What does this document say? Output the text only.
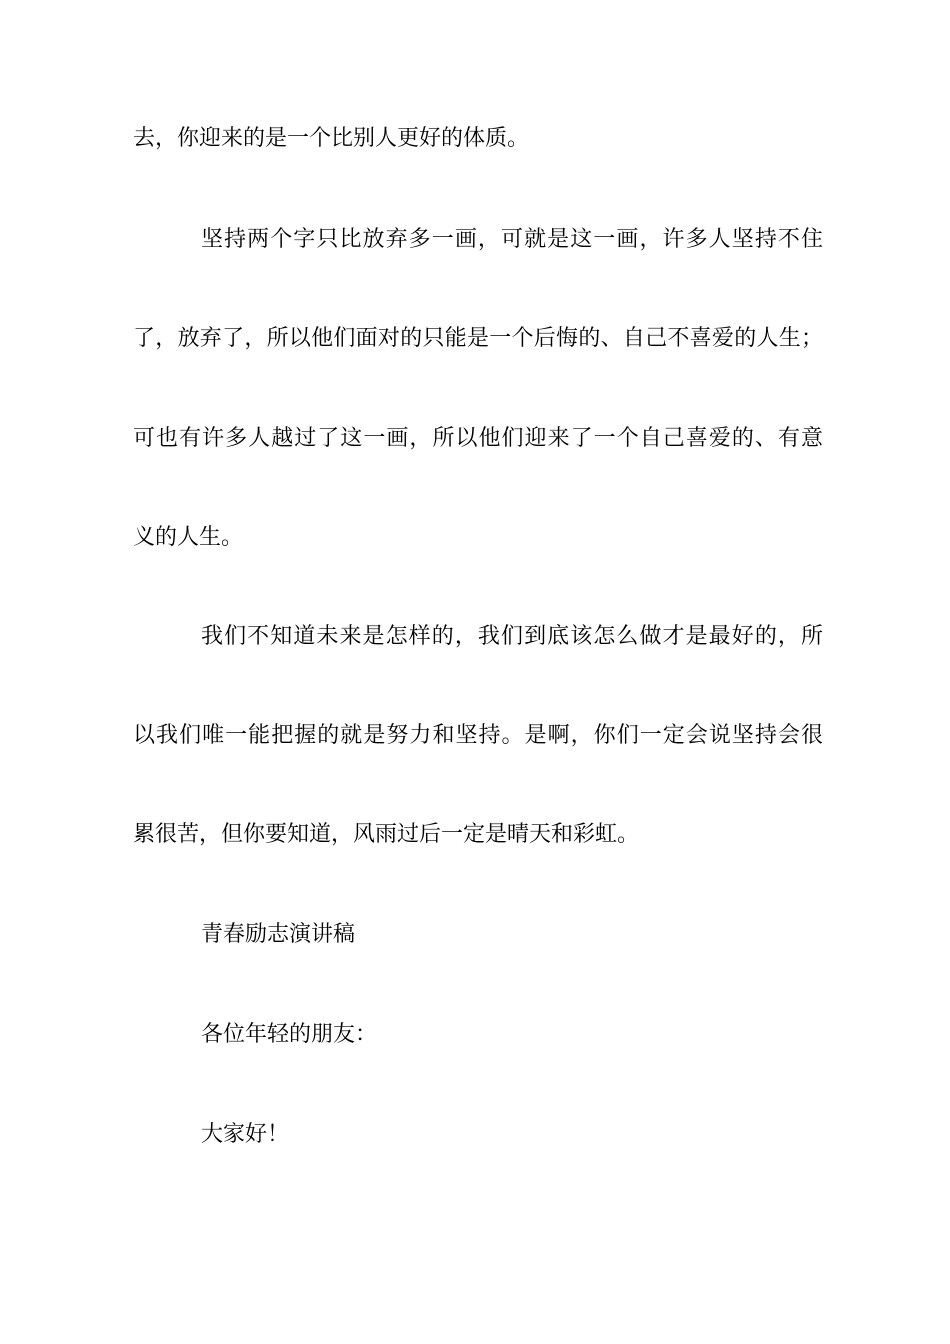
去，你迎来的是一个比别人更好的体质。
坚持两个字只比放弃多一画，可就是这一画，许多人坚持不住
了，放弃了，所以他们面对的只能是一个后悔的、自己不喜爱的人生；
可也有许多人越过了这一画，所以他们迎来了一个自己喜爱的、有意
义的人生。
我们不知道未来是怎样的，我们到底该怎么做才是最好的，所
以我们唯一能把握的就是努力和坚持。是啊，你们一定会说坚持会很
累很苦，但你要知道，风雨过后一定是晴天和彩虹。
青春励志演讲稿
各位年轻的朋友：
大家好！
